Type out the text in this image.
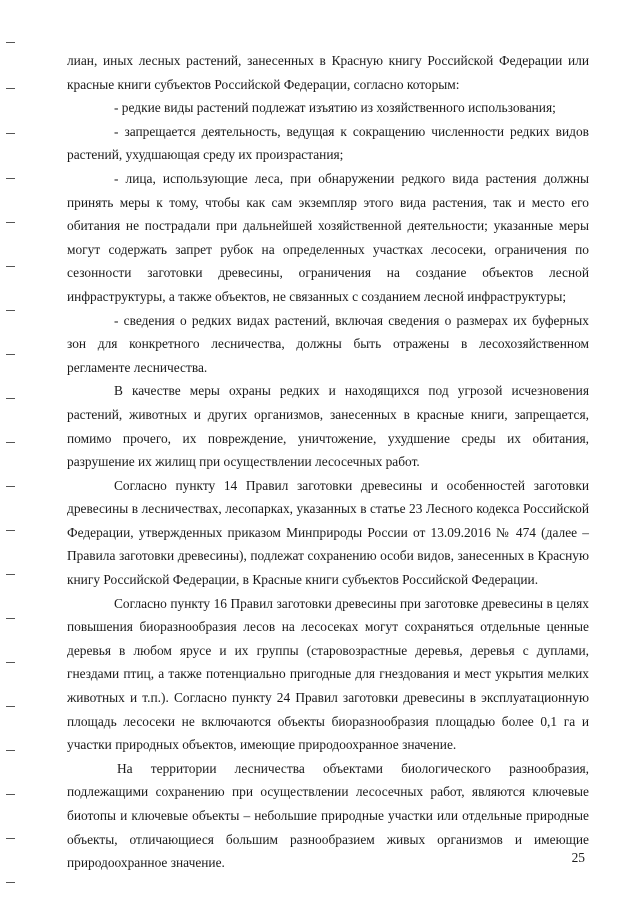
лиан, иных лесных растений, занесенных в Красную книгу Российской Федерации или красные книги субъектов Российской Федерации, согласно которым:

- редкие виды растений подлежат изъятию из хозяйственного использования;

- запрещается деятельность, ведущая к сокращению численности редких видов растений, ухудшающая среду их произрастания;

- лица, использующие леса, при обнаружении редкого вида растения должны принять меры к тому, чтобы как сам экземпляр этого вида растения, так и место его обитания не пострадали при дальнейшей хозяйственной деятельности; указанные меры могут содержать запрет рубок на определенных участках лесосеки, ограничения по сезонности заготовки древесины, ограничения на создание объектов лесной инфраструктуры, а также объектов, не связанных с созданием лесной инфраструктуры;

- сведения о редких видах растений, включая сведения о размерах их буферных зон для конкретного лесничества, должны быть отражены в лесохозяйственном регламенте лесничества.

В качестве меры охраны редких и находящихся под угрозой исчезновения растений, животных и других организмов, занесенных в красные книги, запрещается, помимо прочего, их повреждение, уничтожение, ухудшение среды их обитания, разрушение их жилищ при осуществлении лесосечных работ.

Согласно пункту 14 Правил заготовки древесины и особенностей заготовки древесины в лесничествах, лесопарках, указанных в статье 23 Лесного кодекса Российской Федерации, утвержденных приказом Минприроды России от 13.09.2016 № 474 (далее – Правила заготовки древесины), подлежат сохранению особи видов, занесенных в Красную книгу Российской Федерации, в Красные книги субъектов Российской Федерации.

Согласно пункту 16 Правил заготовки древесины при заготовке древесины в целях повышения биоразнообразия лесов на лесосеках могут сохраняться отдельные ценные деревья в любом ярусе и их группы (старовозрастные деревья, деревья с дуплами, гнездами птиц, а также потенциально пригодные для гнездования и мест укрытия мелких животных и т.п.). Согласно пункту 24 Правил заготовки древесины в эксплуатационную площадь лесосеки не включаются объекты биоразнообразия площадью более 0,1 га и участки природных объектов, имеющие природоохранное значение.

На территории лесничества объектами биологического разнообразия, подлежащими сохранению при осуществлении лесосечных работ, являются ключевые биотопы и ключевые объекты – небольшие природные участки или отдельные природные объекты, отличающиеся большим разнообразием живых организмов и имеющие природоохранное значение.	25
